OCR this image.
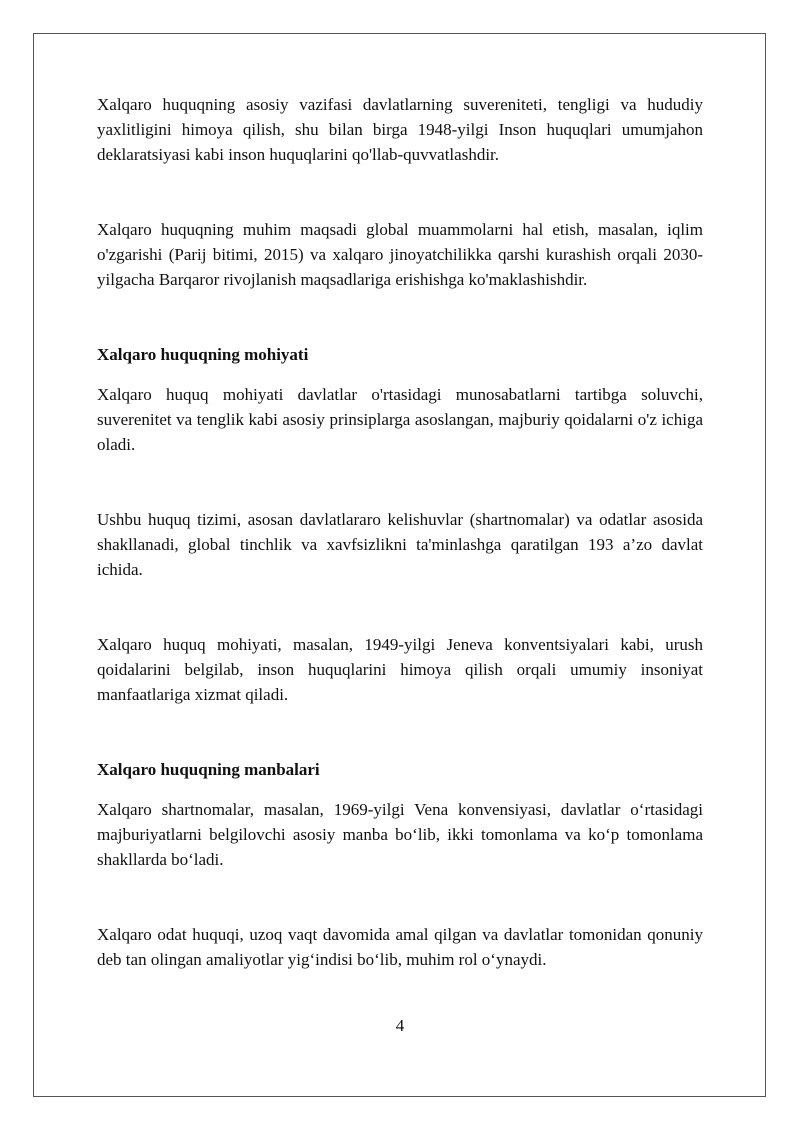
Xalqaro huquqning asosiy vazifasi davlatlarning suvereniteti, tengligi va hududiy yaxlitligini himoya qilish, shu bilan birga 1948-yilgi Inson huquqlari umumjahon deklaratsiyasi kabi inson huquqlarini qo'llab-quvvatlashdir.

Xalqaro huquqning muhim maqsadi global muammolarni hal etish, masalan, iqlim o'zgarishi (Parij bitimi, 2015) va xalqaro jinoyatchilikka qarshi kurashish orqali 2030-yilgacha Barqaror rivojlanish maqsadlariga erishishga ko'maklashishdir.

Xalqaro huquqning mohiyati

Xalqaro huquq mohiyati davlatlar o'rtasidagi munosabatlarni tartibga soluvchi, suverenitet va tenglik kabi asosiy prinsiplarga asoslangan, majburiy qoidalarni o'z ichiga oladi.

Ushbu huquq tizimi, asosan davlatlararo kelishuvlar (shartnomalar) va odatlar asosida shakllanadi, global tinchlik va xavfsizlikni ta'minlashga qaratilgan 193 a’zo davlat ichida.

Xalqaro huquq mohiyati, masalan, 1949-yilgi Jeneva konventsiyalari kabi, urush qoidalarini belgilab, inson huquqlarini himoya qilish orqali umumiy insoniyat manfaatlariga xizmat qiladi.

Xalqaro huquqning manbalari

Xalqaro shartnomalar, masalan, 1969-yilgi Vena konvensiyasi, davlatlar o‘rtasidagi majburiyatlarni belgilovchi asosiy manba bo‘lib, ikki tomonlama va ko‘p tomonlama shakllarda bo‘ladi.

Xalqaro odat huquqi, uzoq vaqt davomida amal qilgan va davlatlar tomonidan qonuniy deb tan olingan amaliyotlar yig‘indisi bo‘lib, muhim rol o‘ynaydi.

4
